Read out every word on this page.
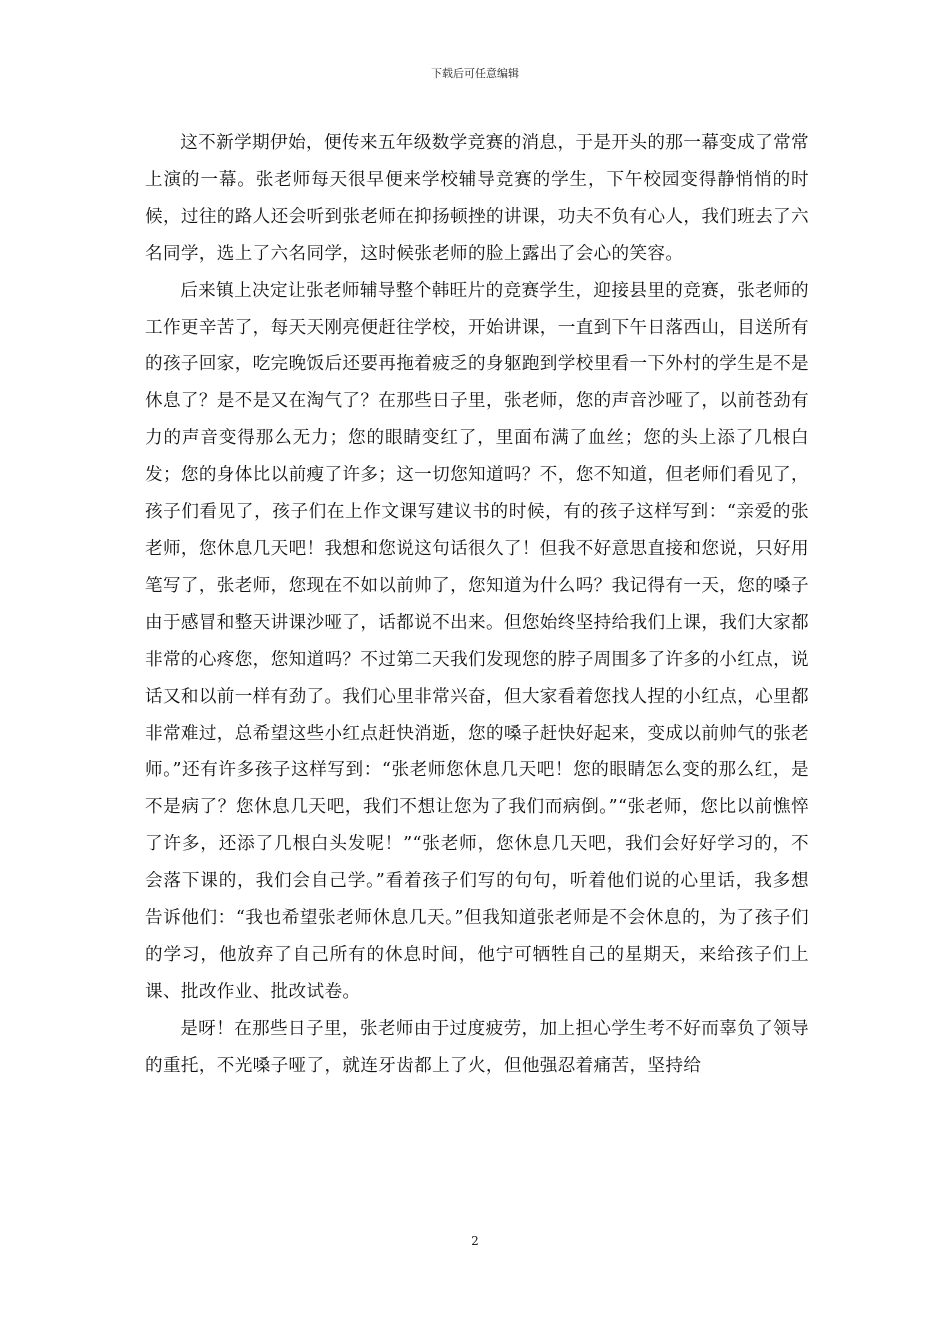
下载后可任意编辑

这不新学期伊始，便传来五年级数学竞赛的消息，于是开头的那一幕变成了常常上演的一幕。张老师每天很早便来学校辅导竞赛的学生，下午校园变得静悄悄的时候，过往的路人还会听到张老师在抑扬顿挫的讲课，功夫不负有心人，我们班去了六名同学，选上了六名同学，这时候张老师的脸上露出了会心的笑容。

后来镇上决定让张老师辅导整个韩旺片的竞赛学生，迎接县里的竞赛，张老师的工作更辛苦了，每天天刚亮便赶往学校，开始讲课，一直到下午日落西山，目送所有的孩子回家，吃完晚饭后还要再拖着疲乏的身躯跑到学校里看一下外村的学生是不是休息了？是不是又在淘气了？在那些日子里，张老师，您的声音沙哑了，以前苍劲有力的声音变得那么无力；您的眼睛变红了，里面布满了血丝；您的头上添了几根白发；您的身体比以前瘦了许多；这一切您知道吗？不，您不知道，但老师们看见了，孩子们看见了，孩子们在上作文课写建议书的时候，有的孩子这样写到：“亲爱的张老师，您休息几天吧！我想和您说这句话很久了！但我不好意思直接和您说，只好用笔写了，张老师，您现在不如以前帅了，您知道为什么吗？我记得有一天，您的嗓子由于感冒和整天讲课沙哑了，话都说不出来。但您始终坚持给我们上课，我们大家都非常的心疼您，您知道吗？不过第二天我们发现您的脖子周围多了许多的小红点，说话又和以前一样有劲了。我们心里非常兴奋，但大家看着您找人捏的小红点，心里都非常难过，总希望这些小红点赶快消逝，您的嗓子赶快好起来，变成以前帅气的张老师。”还有许多孩子这样写到：“张老师您休息几天吧！您的眼睛怎么变的那么红，是不是病了？您休息几天吧，我们不想让您为了我们而病倒。”“张老师，您比以前憔悴了许多，还添了几根白头发呢！”“张老师，您休息几天吧，我们会好好学习的，不会落下课的，我们会自己学。”看着孩子们写的句句，听着他们说的心里话，我多想告诉他们：“我也希望张老师休息几天。”但我知道张老师是不会休息的，为了孩子们的学习，他放弃了自己所有的休息时间，他宁可牺牲自己的星期天，来给孩子们上课、批改作业、批改试卷。

是呀！在那些日子里，张老师由于过度疲劳，加上担心学生考不好而辜负了领导的重托，不光嗓子哑了，就连牙齿都上了火，但他强忍着痛苦，坚持给

2
